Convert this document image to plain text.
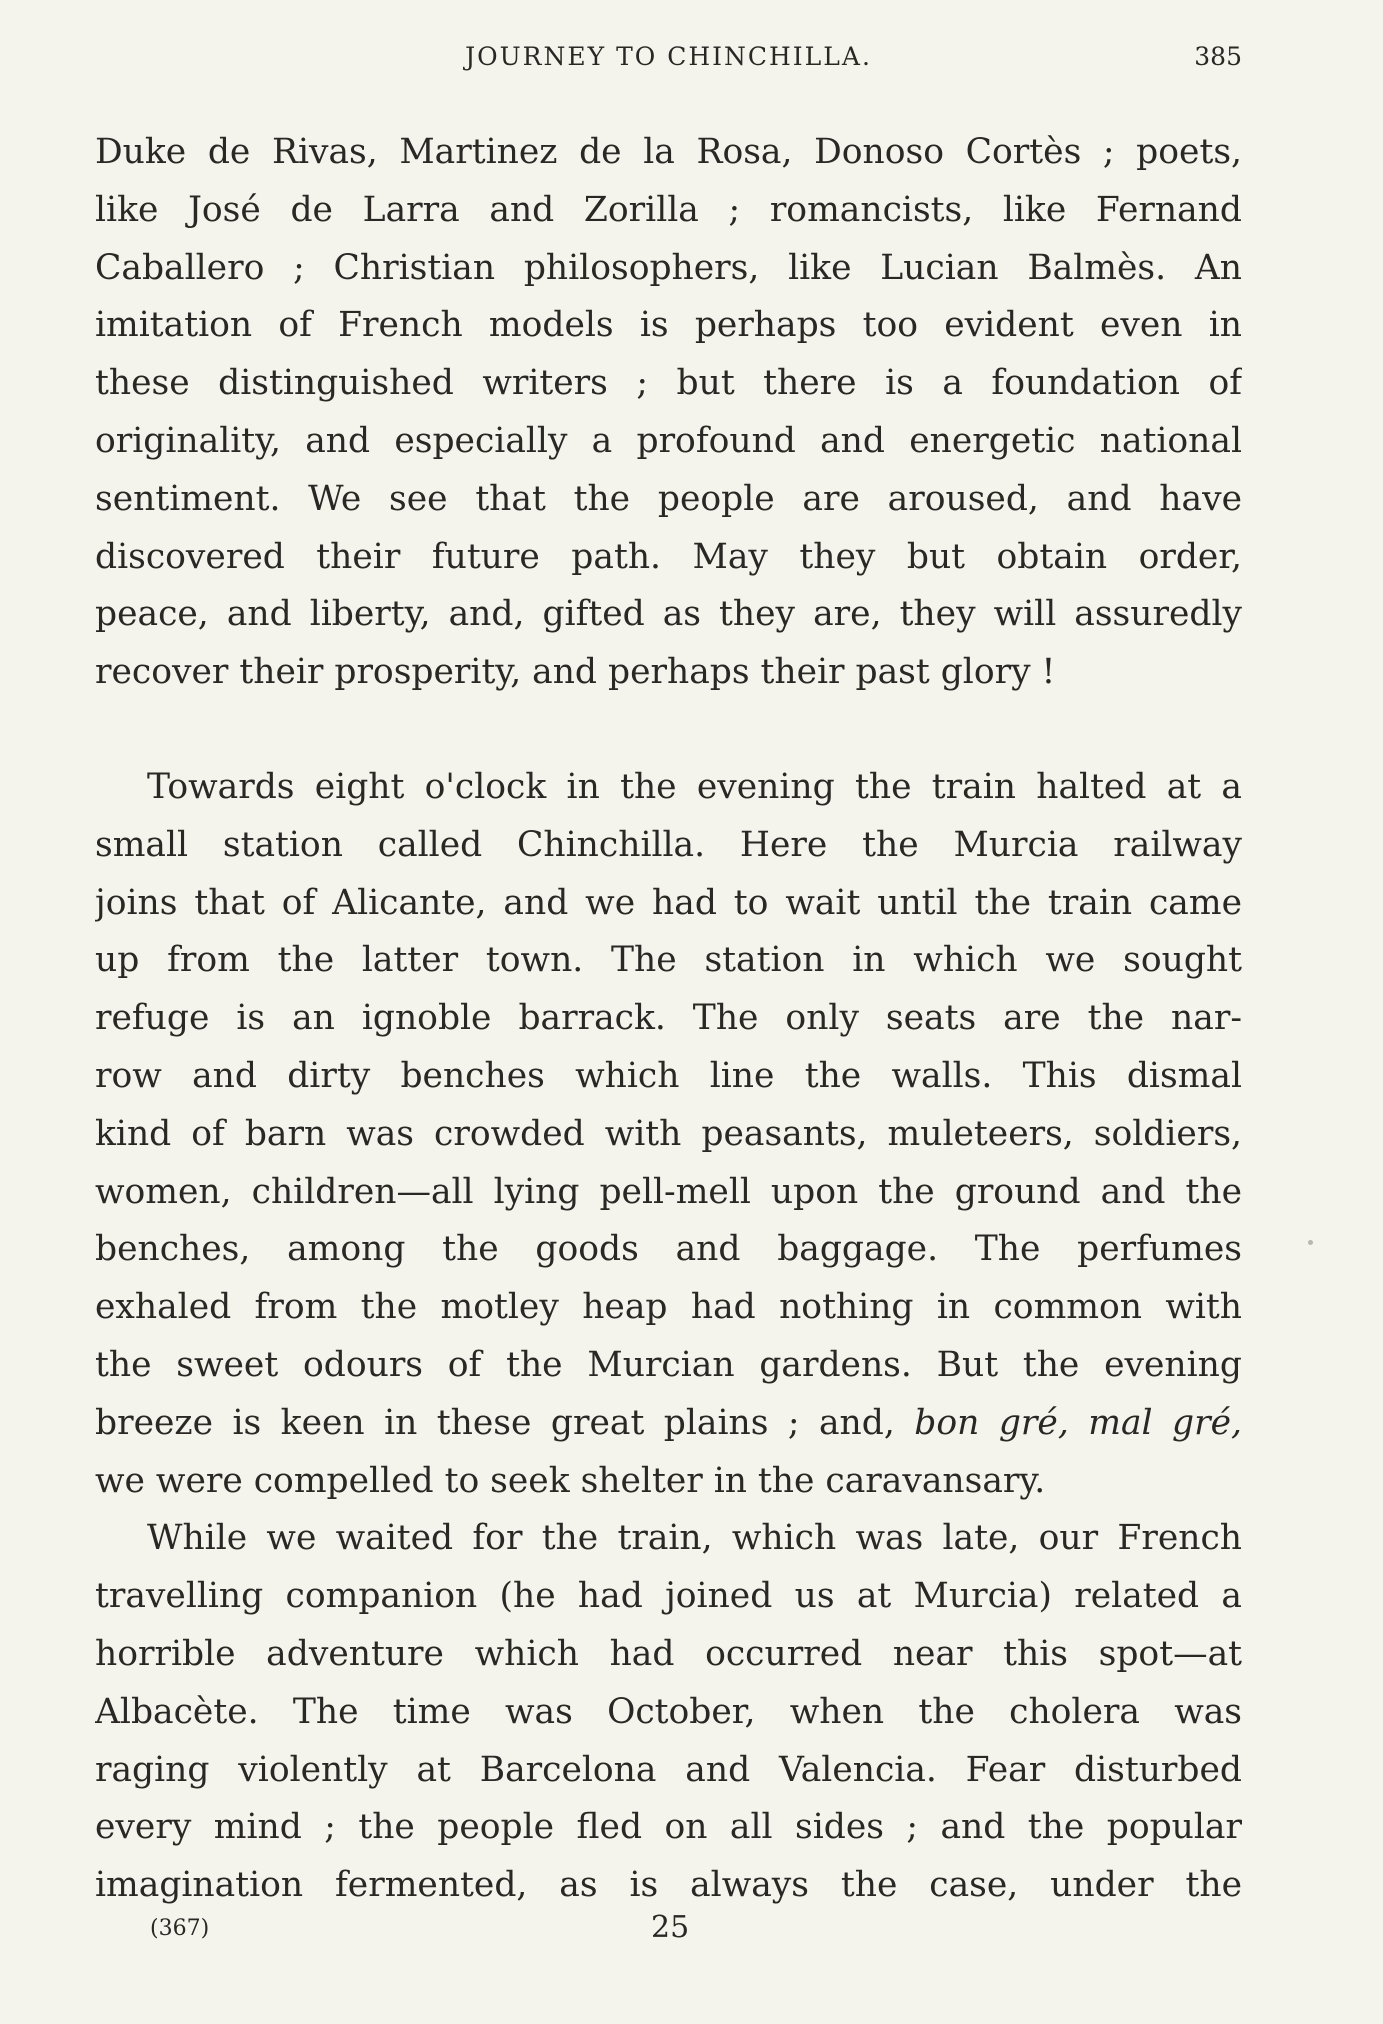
JOURNEY TO CHINCHILLA.	385
Duke de Rivas, Martinez de la Rosa, Donoso Cortès ; poets,
like José de Larra and Zorilla ; romancists, like Fernand
Caballero ; Christian philosophers, like Lucian Balmès. An
imitation of French models is perhaps too evident even in
these distinguished writers ; but there is a foundation of
originality, and especially a profound and energetic national
sentiment. We see that the people are aroused, and have
discovered their future path. May they but obtain order,
peace, and liberty, and, gifted as they are, they will assuredly
recover their prosperity, and perhaps their past glory !
Towards eight o'clock in the evening the train halted at a
small station called Chinchilla. Here the Murcia railway
joins that of Alicante, and we had to wait until the train came
up from the latter town. The station in which we sought
refuge is an ignoble barrack. The only seats are the nar-
row and dirty benches which line the walls. This dismal
kind of barn was crowded with peasants, muleteers, soldiers,
women, children—all lying pell-mell upon the ground and the
benches, among the goods and baggage. The perfumes
exhaled from the motley heap had nothing in common with
the sweet odours of the Murcian gardens. But the evening
breeze is keen in these great plains ; and, bon gré, mal gré,
we were compelled to seek shelter in the caravansary.
While we waited for the train, which was late, our French
travelling companion (he had joined us at Murcia) related a
horrible adventure which had occurred near this spot—at
Albacète. The time was October, when the cholera was
raging violently at Barcelona and Valencia. Fear disturbed
every mind ; the people fled on all sides ; and the popular
imagination fermented, as is always the case, under the
(367)	25
